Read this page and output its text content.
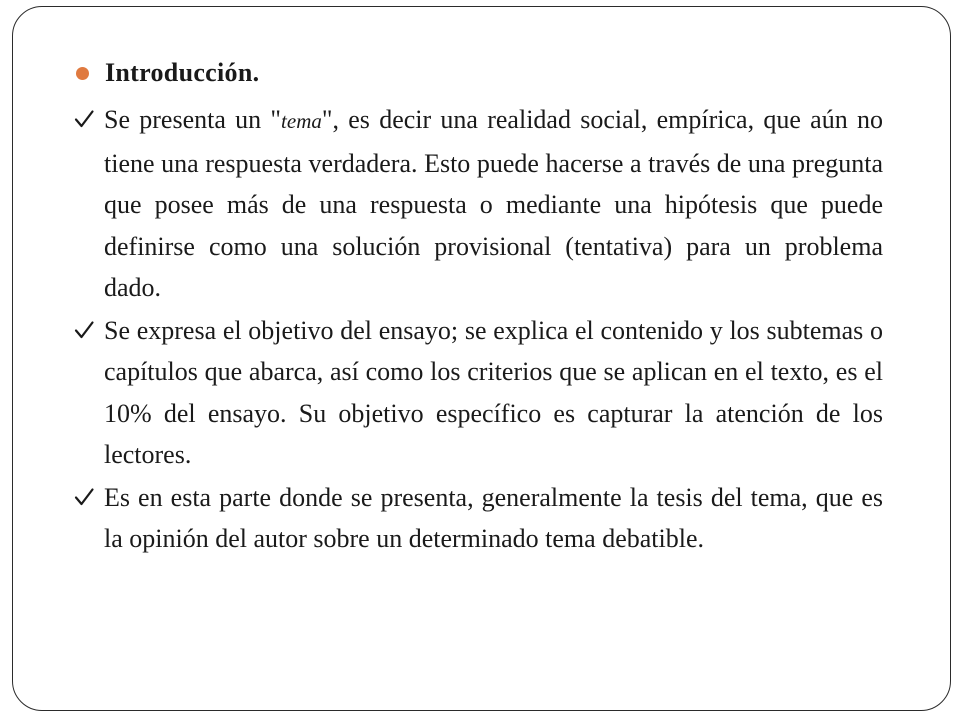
Introducción.
Se presenta un "tema", es decir una realidad social, empírica, que aún no tiene una respuesta verdadera. Esto puede hacerse a través de una pregunta que posee más de una respuesta o mediante una hipótesis que puede definirse como una solución provisional (tentativa) para un problema dado.
Se expresa el objetivo del ensayo; se explica el contenido y los subtemas o capítulos que abarca, así como los criterios que se aplican en el texto, es el 10% del ensayo. Su objetivo específico es capturar la atención de los lectores.
Es en esta parte donde se presenta, generalmente la tesis del tema, que es la opinión del autor sobre un determinado tema debatible.
